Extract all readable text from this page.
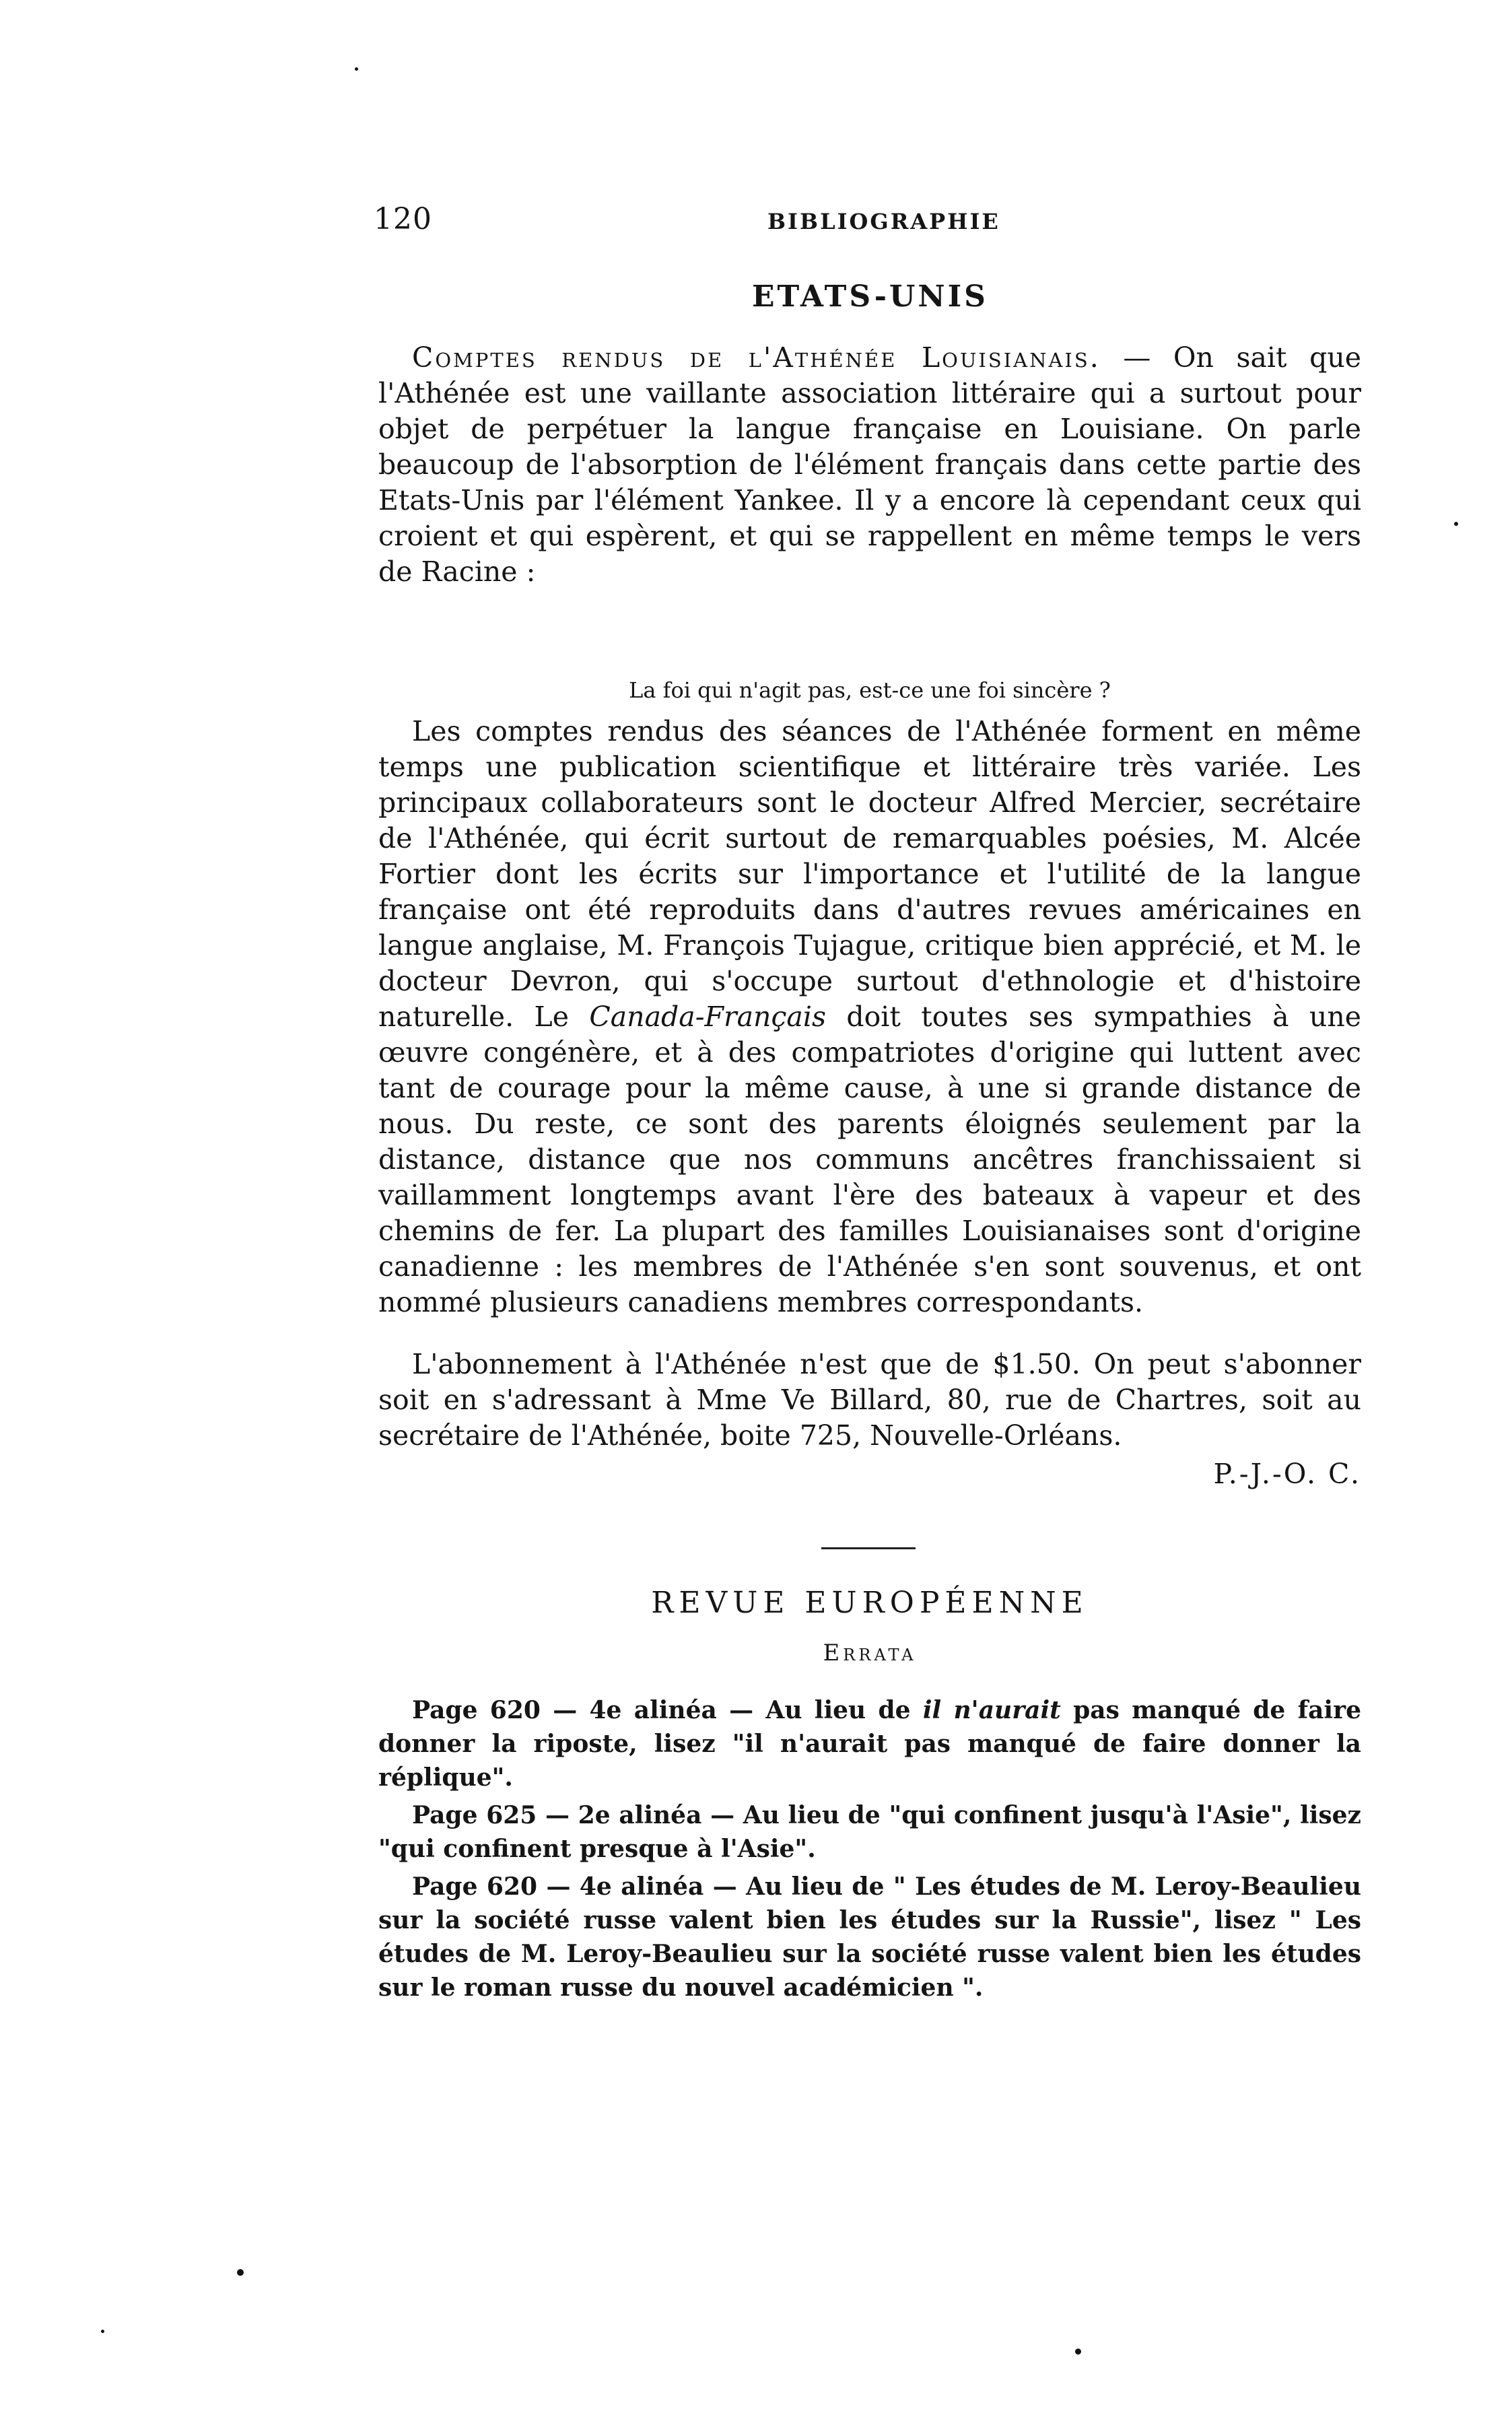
120	BIBLIOGRAPHIE
ETATS-UNIS

Comptes rendus de l'Athénée Louisianais. — On sait que l'Athénée est une vaillante association littéraire qui a surtout pour objet de perpétuer la langue française en Louisiane. On parle beaucoup de l'absorption de l'élément français dans cette partie des Etats-Unis par l'élément Yankee. Il y a encore là cependant ceux qui croient et qui espèrent, et qui se rappellent en même temps le vers de Racine :

La foi qui n'agit pas, est-ce une foi sincère ?

Les comptes rendus des séances de l'Athénée forment en même temps une publication scientifique et littéraire très variée. Les principaux collaborateurs sont le docteur Alfred Mercier, secrétaire de l'Athénée, qui écrit surtout de remarquables poésies, M. Alcée Fortier dont les écrits sur l'importance et l'utilité de la langue française ont été reproduits dans d'autres revues américaines en langue anglaise, M. François Tujague, critique bien apprécié, et M. le docteur Devron, qui s'occupe surtout d'ethnologie et d'histoire naturelle. Le Canada-Français doit toutes ses sympathies à une œuvre congénère, et à des compatriotes d'origine qui luttent avec tant de courage pour la même cause, à une si grande distance de nous. Du reste, ce sont des parents éloignés seulement par la distance, distance que nos communs ancêtres franchissaient si vaillamment longtemps avant l'ère des bateaux à vapeur et des chemins de fer. La plupart des familles Louisianaises sont d'origine canadienne : les membres de l'Athénée s'en sont souvenus, et ont nommé plusieurs canadiens membres correspondants.

L'abonnement à l'Athénée n'est que de $1.50. On peut s'abonner soit en s'adressant à Mme Ve Billard, 80, rue de Chartres, soit au secrétaire de l'Athénée, boite 725, Nouvelle-Orléans.

P.-J.-O. C.
REVUE EUROPÉENNE
Errata

Page 620 — 4e alinéa — Au lieu de il n'aurait pas manqué de faire donner la riposte, lisez "il n'aurait pas manqué de faire donner la réplique".

Page 625 — 2e alinéa — Au lieu de "qui confinent jusqu'à l'Asie", lisez "qui confinent presque à l'Asie".

Page 620 — 4e alinéa — Au lieu de " Les études de M. Leroy-Beaulieu sur la société russe valent bien les études sur la Russie", lisez " Les études de M. Leroy-Beaulieu sur la société russe valent bien les études sur le roman russe du nouvel académicien ".
